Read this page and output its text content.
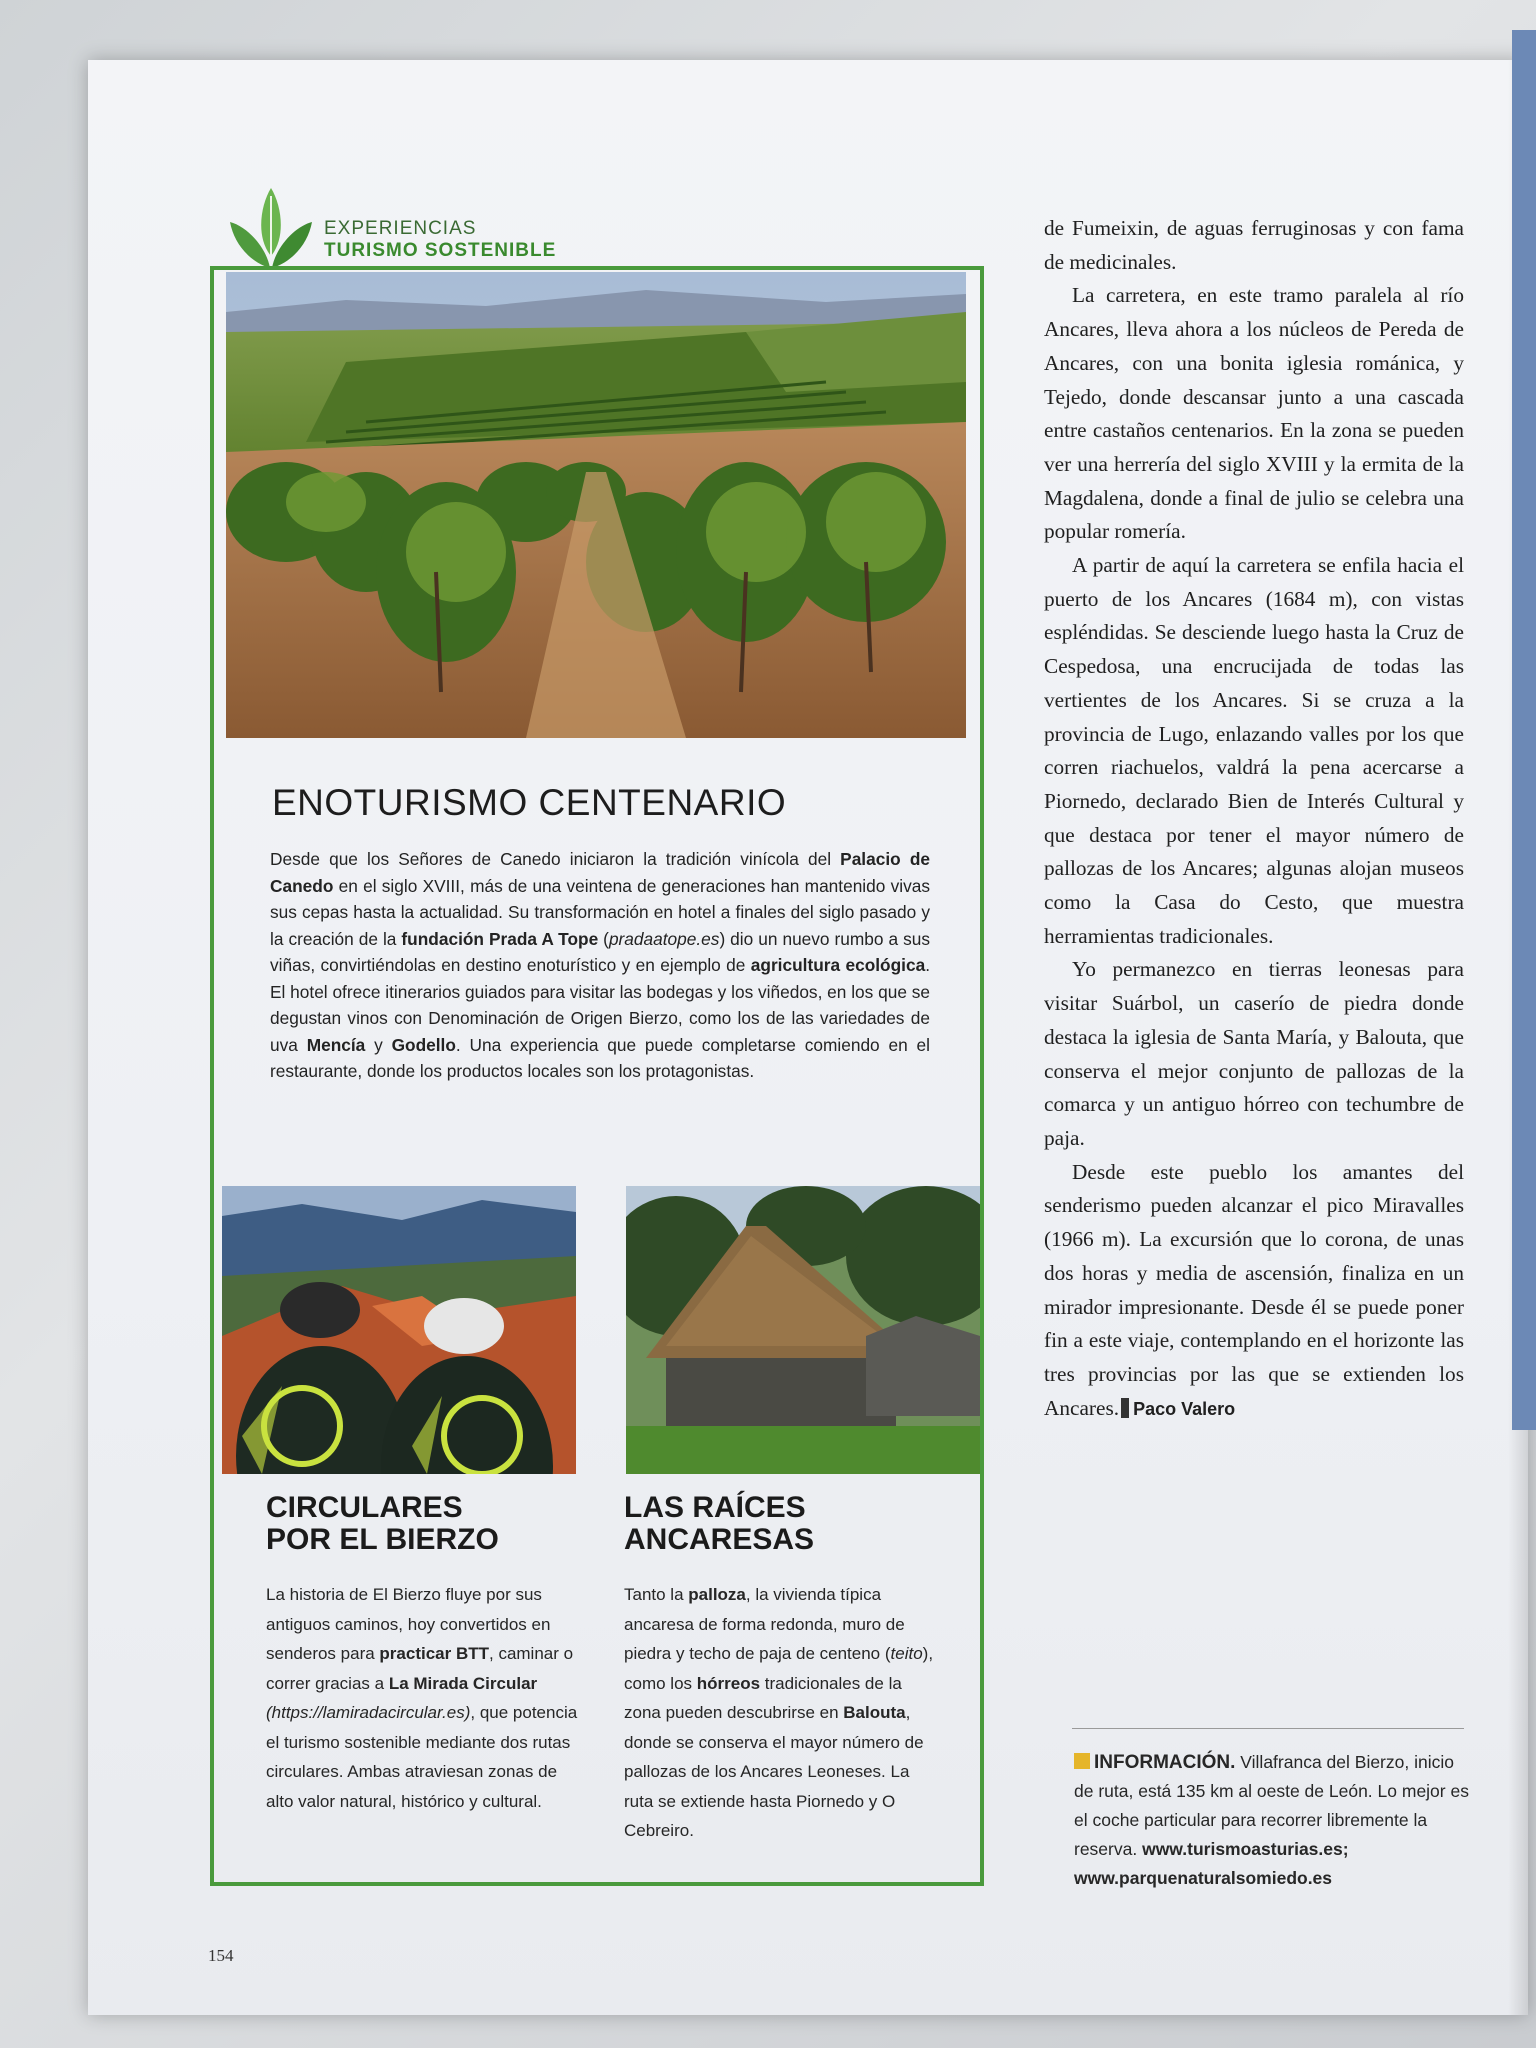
EXPERIENCIAS
TURISMO SOSTENIBLE
ENOTURISMO CENTENARIO
Desde que los Señores de Canedo iniciaron la tradición vinícola del Palacio de Canedo en el siglo XVIII, más de una veintena de generaciones han mantenido vivas sus cepas hasta la actualidad. Su transformación en hotel a finales del siglo pasado y la creación de la fundación Prada A Tope (pradaatope.es) dio un nuevo rumbo a sus viñas, convirtiéndolas en destino enoturístico y en ejemplo de agricultura ecológica. El hotel ofrece itinerarios guiados para visitar las bodegas y los viñedos, en los que se degustan vinos con Denominación de Origen Bierzo, como los de las variedades de uva Mencía y Godello. Una experiencia que puede completarse comiendo en el restaurante, donde los productos locales son los protagonistas.
CIRCULARES
POR EL BIERZO
La historia de El Bierzo fluye por sus antiguos caminos, hoy convertidos en senderos para practicar BTT, caminar o correr gracias a La Mirada Circular (https://lamiradacircular.es), que potencia el turismo sostenible mediante dos rutas circulares. Ambas atraviesan zonas de alto valor natural, histórico y cultural.
LAS RAÍCES
ANCARESAS
Tanto la palloza, la vivienda típica ancaresa de forma redonda, muro de piedra y techo de paja de centeno (teito), como los hórreos tradicionales de la zona pueden descubrirse en Balouta, donde se conserva el mayor número de pallozas de los Ancares Leoneses. La ruta se extiende hasta Piornedo y O Cebreiro.

de Fumeixin, de aguas ferruginosas y con fama de medicinales.

La carretera, en este tramo paralela al río Ancares, lleva ahora a los núcleos de Pereda de Ancares, con una bonita iglesia románica, y Tejedo, donde descansar junto a una cascada entre castaños centenarios. En la zona se pueden ver una herrería del siglo XVIII y la ermita de la Magdalena, donde a final de julio se celebra una popular romería.

A partir de aquí la carretera se enfila hacia el puerto de los Ancares (1684 m), con vistas espléndidas. Se desciende luego hasta la Cruz de Cespedosa, una encrucijada de todas las vertientes de los Ancares. Si se cruza a la provincia de Lugo, enlazando valles por los que corren riachuelos, valdrá la pena acercarse a Piornedo, declarado Bien de Interés Cultural y que destaca por tener el mayor número de pallozas de los Ancares; algunas alojan museos como la Casa do Cesto, que muestra herramientas tradicionales.

Yo permanezco en tierras leonesas para visitar Suárbol, un caserío de piedra donde destaca la iglesia de Santa María, y Balouta, que conserva el mejor conjunto de pallozas de la comarca y un antiguo hórreo con techumbre de paja.

Desde este pueblo los amantes del senderismo pueden alcanzar el pico Miravalles (1966 m). La excursión que lo corona, de unas dos horas y media de ascensión, finaliza en un mirador impresionante. Desde él se puede poner fin a este viaje, contemplando en el horizonte las tres provincias por las que se extienden los Ancares. Paco Valero

INFORMACIÓN. Villafranca del Bierzo, inicio de ruta, está 135 km al oeste de León. Lo mejor es el coche particular para recorrer libremente la reserva. www.turismoasturias.es; www.parquenaturalsomiedo.es
154
